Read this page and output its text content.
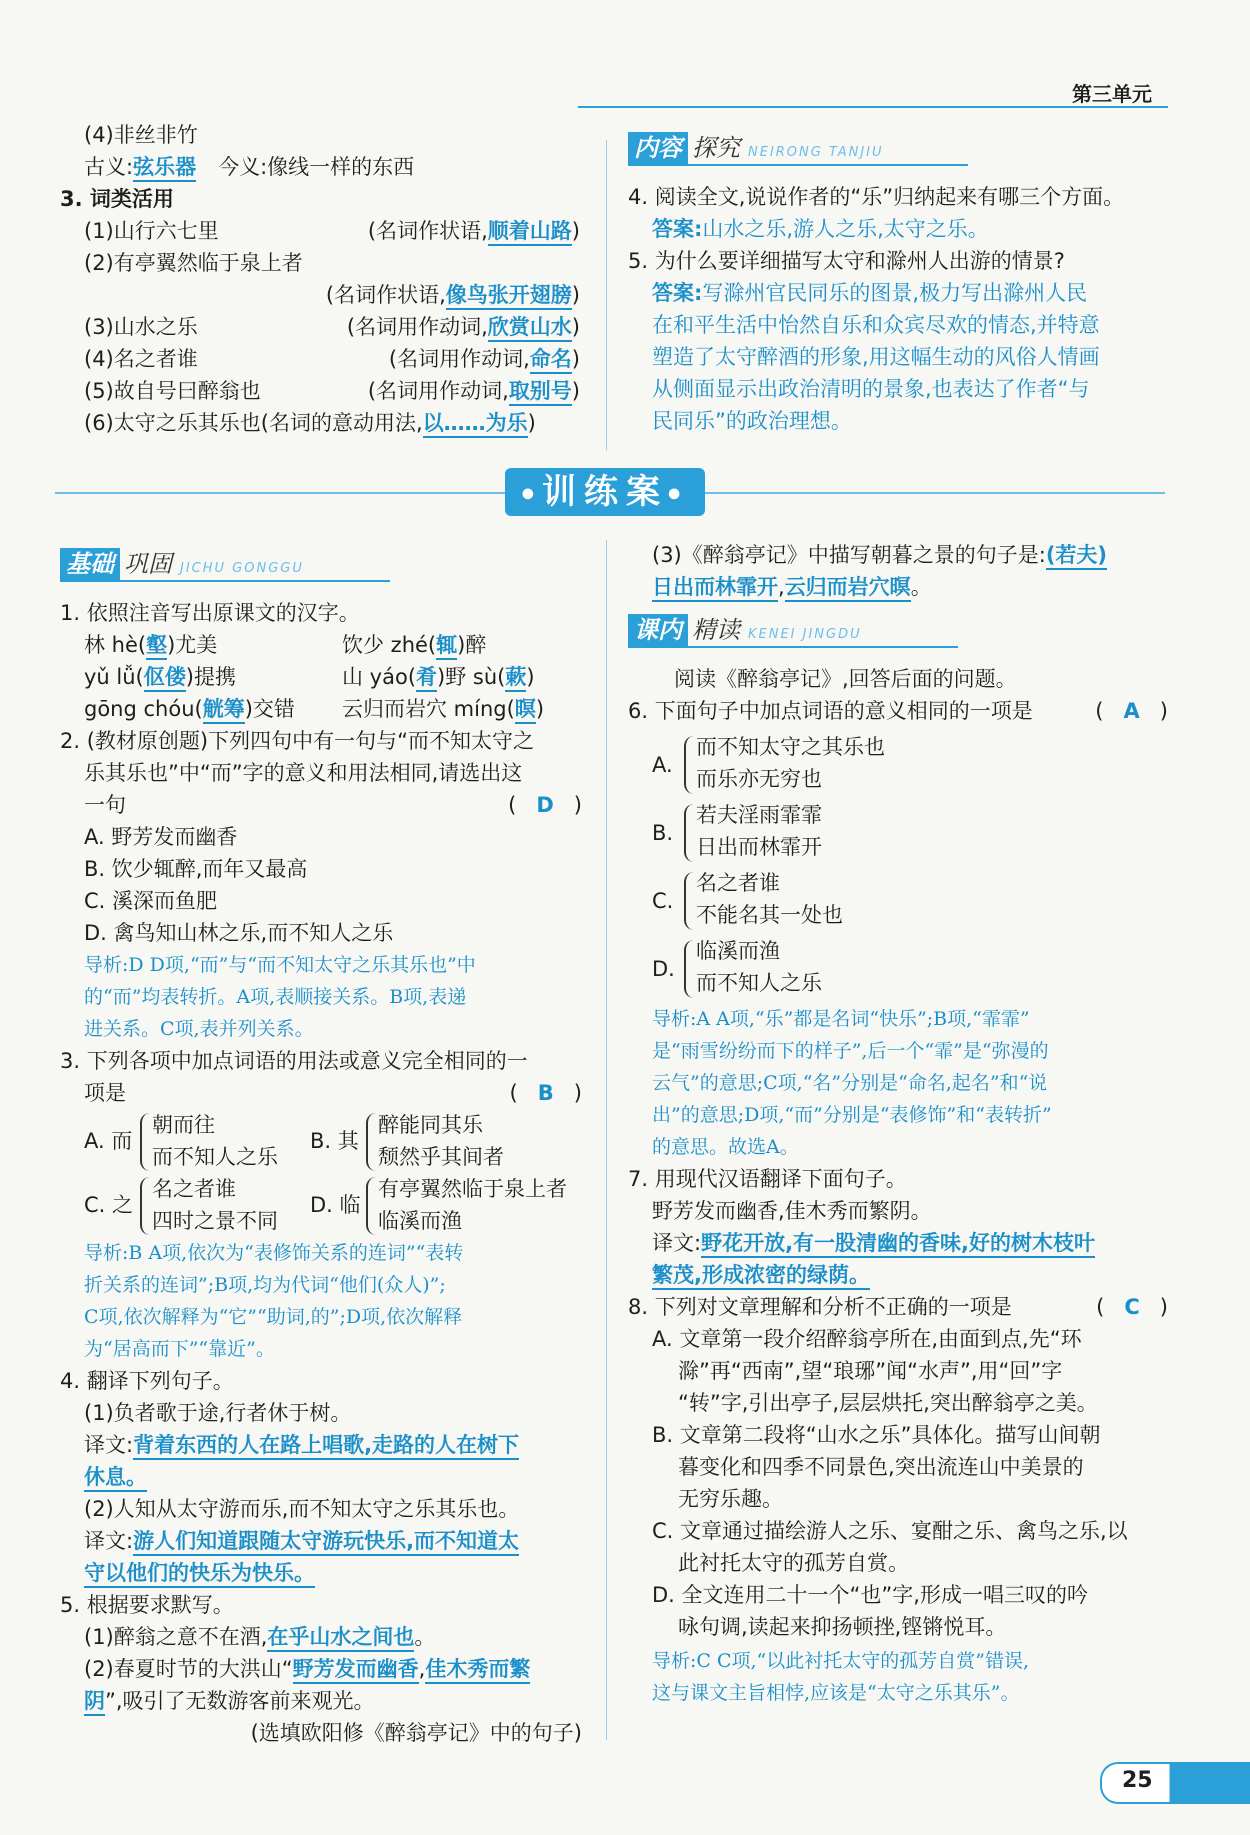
第三单元
(4)非丝非竹
古义:弦乐器 今义:像线一样的东西
3. 词类活用
(1)山行六七里	(名词作状语,顺着山路)
(2)有亭翼然临于泉上者
(名词作状语,像鸟张开翅膀)
(3)山水之乐	(名词用作动词,欣赏山水)
(4)名之者谁	(名词用作动词,命名)
(5)故自号曰醉翁也	(名词用作动词,取别号)
(6)太守之乐其乐也(名词的意动用法,以……为乐)
内容 探究 NEIRONG TANJIU
4. 阅读全文,说说作者的“乐”归纳起来有哪三个方面。
答案:山水之乐,游人之乐,太守之乐。
5. 为什么要详细描写太守和滁州人出游的情景?
答案:写滁州官民同乐的图景,极力写出滁州人民
在和平生活中怡然自乐和众宾尽欢的情态,并特意
塑造了太守醉酒的形象,用这幅生动的风俗人情画
从侧面显示出政治清明的景象,也表达了作者“与
民同乐”的政治理想。
●训练案●
基础 巩固 JICHU GONGGU
1. 依照注音写出原课文的汉字。
林 hè(壑)尤美	饮少 zhé(辄)醉
yǔ lǚ(伛偻)提携	山 yáo(肴)野 sù(蔌)
gōng chóu(觥筹)交错 云归而岩穴 míng(暝)
2. (教材原创题)下列四句中有一句与“而不知太守之
乐其乐也”中“而”字的意义和用法相同,请选出这
一句	(   D   )
A. 野芳发而幽香
B. 饮少辄醉,而年又最高
C. 溪深而鱼肥
D. 禽鸟知山林之乐,而不知人之乐
导析:D D项,“而”与“而不知太守之乐其乐也”中
的“而”均表转折。A项,表顺接关系。B项,表递
进关系。C项,表并列关系。
3. 下列各项中加点词语的用法或意义完全相同的一
项是	(   B   )
A. 而
朝而往
而不知人之乐
B. 其
醉能同其乐
颓然乎其间者
C. 之
名之者谁
四时之景不同
D. 临
有亭翼然临于泉上者
临溪而渔
导析:B A项,依次为“表修饰关系的连词”“表转
折关系的连词”;B项,均为代词“他们(众人)”;
C项,依次解释为“它”“助词,的”;D项,依次解释
为“居高而下”“靠近”。
4. 翻译下列句子。
(1)负者歌于途,行者休于树。
译文:背着东西的人在路上唱歌,走路的人在树下
休息。
(2)人知从太守游而乐,而不知太守之乐其乐也。
译文:游人们知道跟随太守游玩快乐,而不知道太
守以他们的快乐为快乐。
5. 根据要求默写。
(1)醉翁之意不在酒,在乎山水之间也。
(2)春夏时节的大洪山“野芳发而幽香,佳木秀而繁
阴”,吸引了无数游客前来观光。
(选填欧阳修《醉翁亭记》中的句子)
(3)《醉翁亭记》中描写朝暮之景的句子是:(若夫)
日出而林霏开,云归而岩穴暝。
课内 精读 KENEI JINGDU
阅读《醉翁亭记》,回答后面的问题。
6. 下面句子中加点词语的意义相同的一项是	(   A   )
A.
而不知太守之其乐也
而乐亦无穷也
B.
若夫淫雨霏霏
日出而林霏开
C.
名之者谁
不能名其一处也
D.
临溪而渔
而不知人之乐
导析:A A项,“乐”都是名词“快乐”;B项,“霏霏”
是“雨雪纷纷而下的样子”,后一个“霏”是“弥漫的
云气”的意思;C项,“名”分别是“命名,起名”和“说
出”的意思;D项,“而”分别是“表修饰”和“表转折”
的意思。故选A。
7. 用现代汉语翻译下面句子。
野芳发而幽香,佳木秀而繁阴。
译文:野花开放,有一股清幽的香味,好的树木枝叶
繁茂,形成浓密的绿荫。
8. 下列对文章理解和分析不正确的一项是	(   C   )
A. 文章第一段介绍醉翁亭所在,由面到点,先“环
滁”再“西南”,望“琅琊”闻“水声”,用“回”字
“转”字,引出亭子,层层烘托,突出醉翁亭之美。
B. 文章第二段将“山水之乐”具体化。描写山间朝
暮变化和四季不同景色,突出流连山中美景的
无穷乐趣。
C. 文章通过描绘游人之乐、宴酣之乐、禽鸟之乐,以
此衬托太守的孤芳自赏。
D. 全文连用二十一个“也”字,形成一唱三叹的吟
咏句调,读起来抑扬顿挫,铿锵悦耳。
导析:C C项,“以此衬托太守的孤芳自赏”错误,
这与课文主旨相悖,应该是“太守之乐其乐”。
25
